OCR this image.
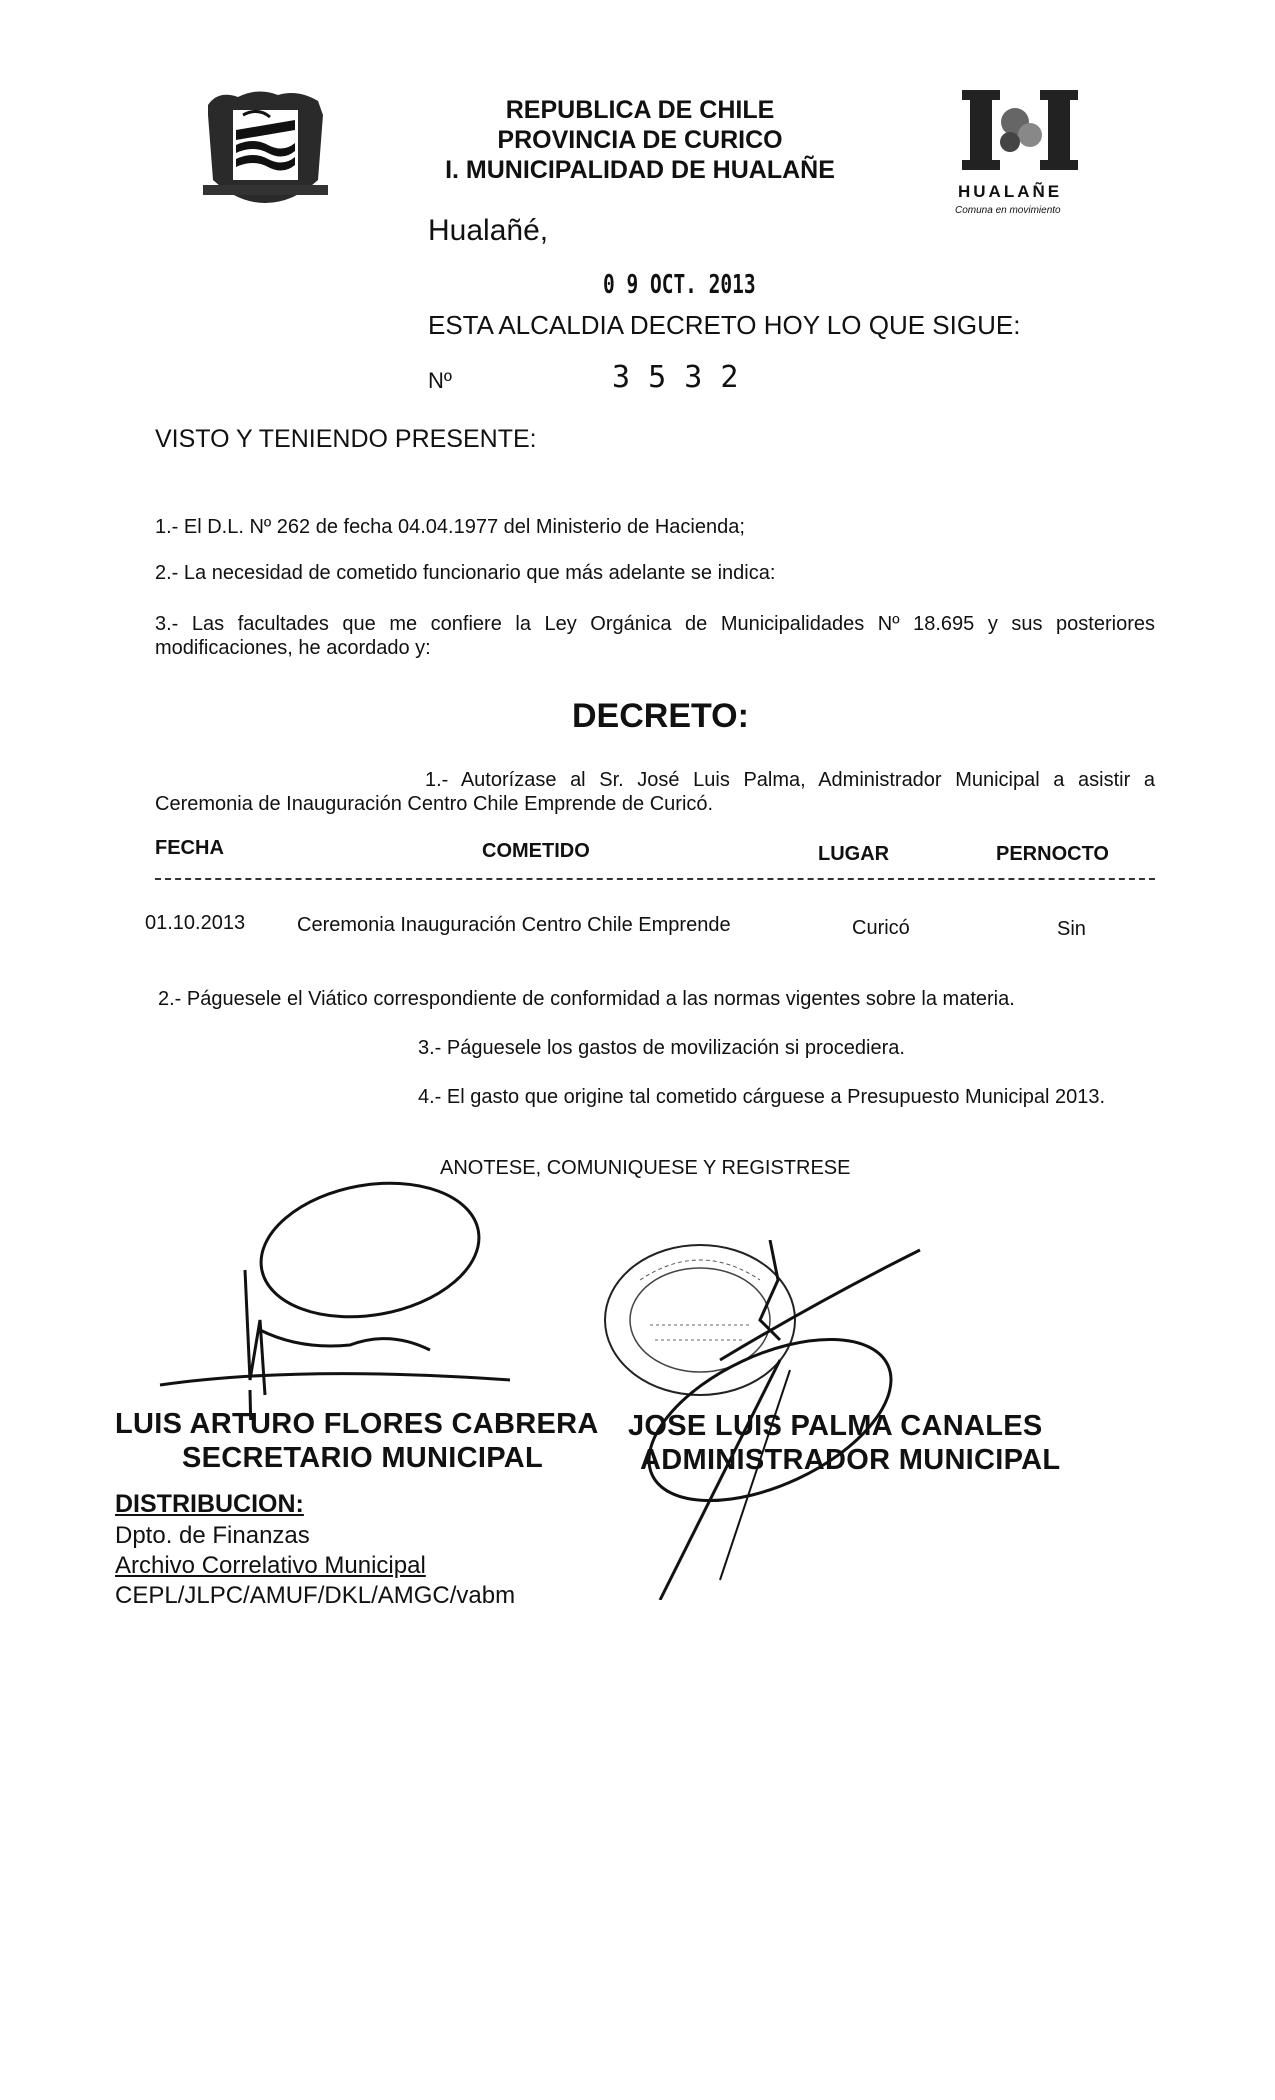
REPUBLICA DE CHILE
PROVINCIA DE CURICO
I. MUNICIPALIDAD DE HUALAÑE
HUALAÑE
Comuna en movimiento
Hualañé,
0 9 OCT. 2013
ESTA ALCALDIA DECRETO HOY LO QUE SIGUE:
Nº	3 5 3 2
VISTO Y TENIENDO PRESENTE:
1.- El D.L. Nº 262 de fecha 04.04.1977 del Ministerio de Hacienda;
2.- La necesidad de cometido funcionario que más adelante se indica:
3.- Las facultades que me confiere la Ley Orgánica de Municipalidades Nº 18.695 y sus posteriores modificaciones, he acordado y:
DECRETO:
1.- Autorízase al Sr. José Luis Palma, Administrador Municipal a asistir a Ceremonia de Inauguración Centro Chile Emprende de Curicó.
FECHA	COMETIDO	LUGAR	PERNOCTO
01.10.2013	Ceremonia Inauguración Centro Chile Emprende	Curicó	Sin
2.- Páguesele el Viático correspondiente de conformidad a las normas vigentes sobre la materia.
3.- Páguesele los gastos de movilización si procediera.
4.- El gasto que origine tal cometido cárguese a Presupuesto Municipal 2013.
ANOTESE, COMUNIQUESE Y REGISTRESE
LUIS ARTURO FLORES CABRERA
SECRETARIO MUNICIPAL
JOSE LUIS PALMA CANALES
ADMINISTRADOR MUNICIPAL
DISTRIBUCION:
Dpto. de Finanzas
Archivo Correlativo Municipal
CEPL/JLPC/AMUF/DKL/AMGC/vabm
